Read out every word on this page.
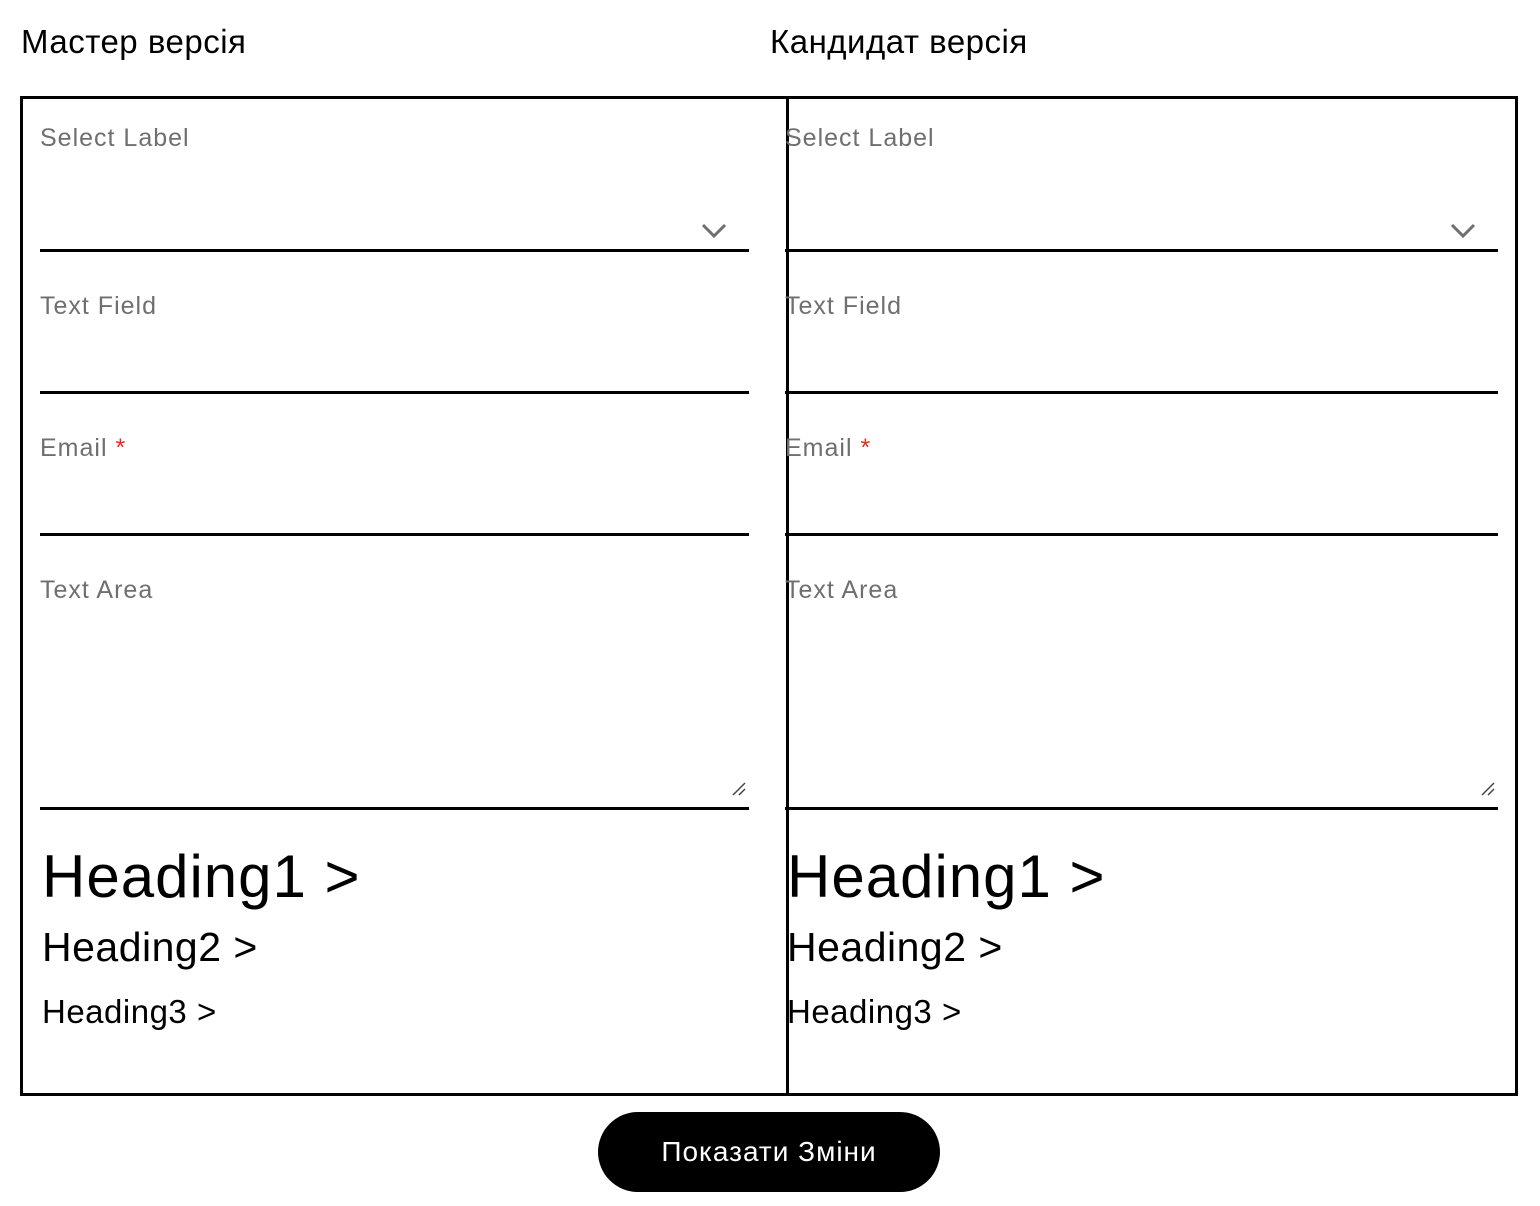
Мастер версія	Кандидат версія
Select Label
Text Field
Email *
Text Area
Heading1 >
Heading2 >
Heading3 >
Select Label
Text Field
Email *
Text Area
Heading1 >
Heading2 >
Heading3 >
Показати Зміни
